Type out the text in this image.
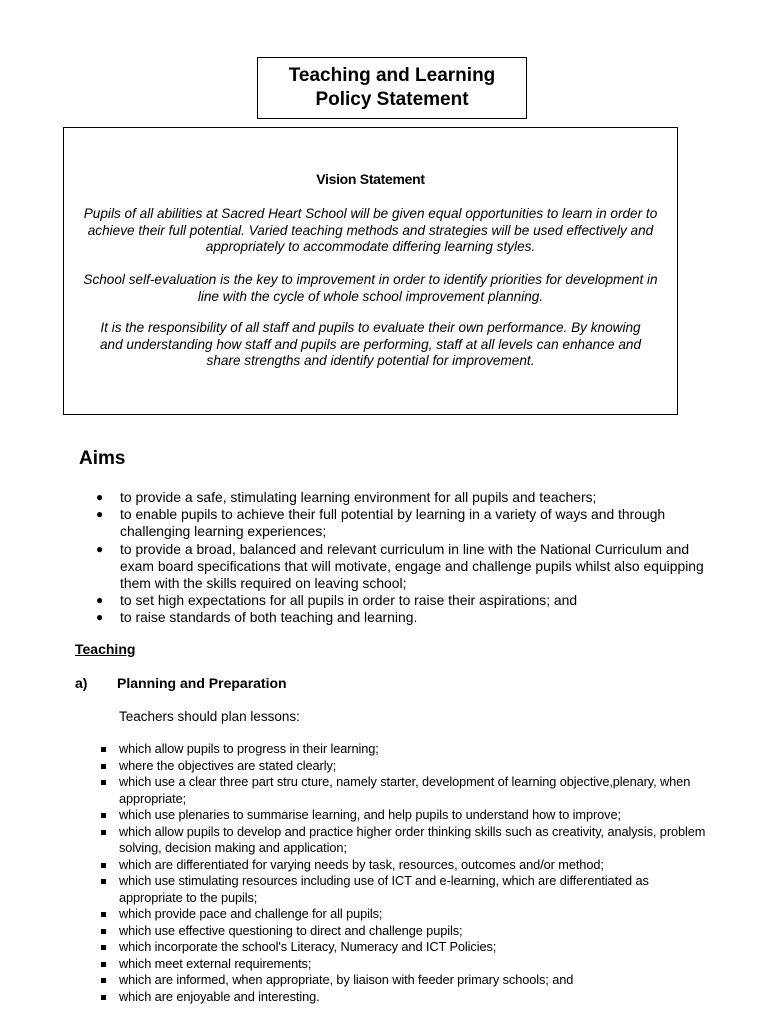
Teaching and Learning
Policy Statement
Vision Statement
Pupils of all abilities at Sacred Heart School will be given equal opportunities to learn in order to achieve their full potential. Varied teaching methods and strategies will be used effectively and appropriately to accommodate differing learning styles.
School self-evaluation is the key to improvement in order to identify priorities for development in line with the cycle of whole school improvement planning.
It is the responsibility of all staff and pupils to evaluate their own performance. By knowing and understanding how staff and pupils are performing, staff at all levels can enhance and share strengths and identify potential for improvement.
Aims
● to provide a safe, stimulating learning environment for all pupils and teachers;
● to enable pupils to achieve their full potential by learning in a variety of ways and through challenging learning experiences;
● to provide a broad, balanced and relevant curriculum in line with the National Curriculum and exam board specifications that will motivate, engage and challenge pupils whilst also equipping them with the skills required on leaving school;
● to set high expectations for all pupils in order to raise their aspirations; and
● to raise standards of both teaching and learning.
Teaching
a) Planning and Preparation
Teachers should plan lessons:
which allow pupils to progress in their learning;
where the objectives are stated clearly;
which use a clear three part stru cture, namely starter, development of learning objective,plenary, when appropriate;
which use plenaries to summarise learning, and help pupils to understand how to improve;
which allow pupils to develop and practice higher order thinking skills such as creativity, analysis, problem solving, decision making and application;
which are differentiated for varying needs by task, resources, outcomes and/or method;
which use stimulating resources including use of ICT and e-learning, which are differentiated as appropriate to the pupils;
which provide pace and challenge for all pupils;
which use effective questioning to direct and challenge pupils;
which incorporate the school's Literacy, Numeracy and ICT Policies;
which meet external requirements;
which are informed, when appropriate, by liaison with feeder primary schools; and
which are enjoyable and interesting.
